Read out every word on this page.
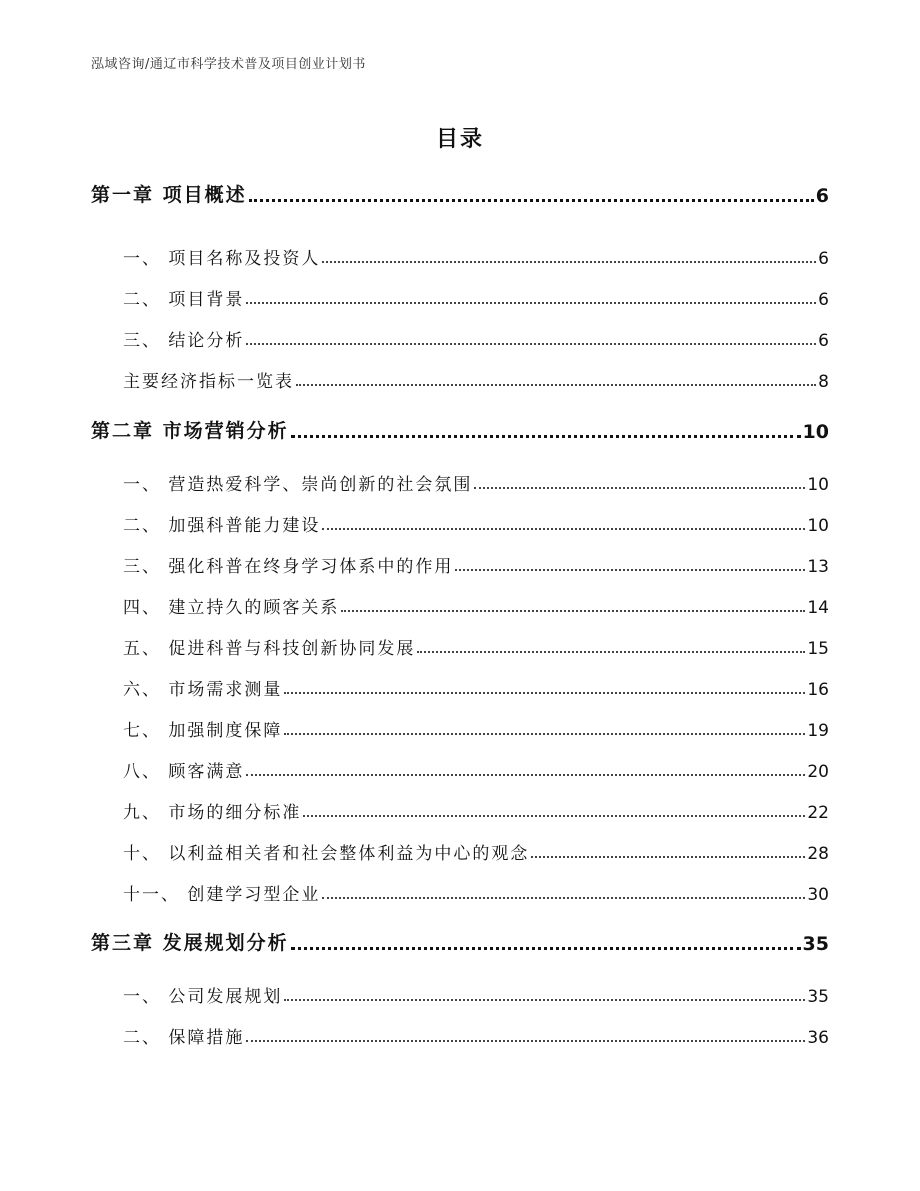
泓域咨询/通辽市科学技术普及项目创业计划书
目录
第一章 项目概述	6
一、 项目名称及投资人	6
二、 项目背景	6
三、 结论分析	6
主要经济指标一览表	8
第二章 市场营销分析	10
一、 营造热爱科学、崇尚创新的社会氛围	10
二、 加强科普能力建设	10
三、 强化科普在终身学习体系中的作用	13
四、 建立持久的顾客关系	14
五、 促进科普与科技创新协同发展	15
六、 市场需求测量	16
七、 加强制度保障	19
八、 顾客满意	20
九、 市场的细分标准	22
十、 以利益相关者和社会整体利益为中心的观念	28
十一、 创建学习型企业	30
第三章 发展规划分析	35
一、 公司发展规划	35
二、 保障措施	36
